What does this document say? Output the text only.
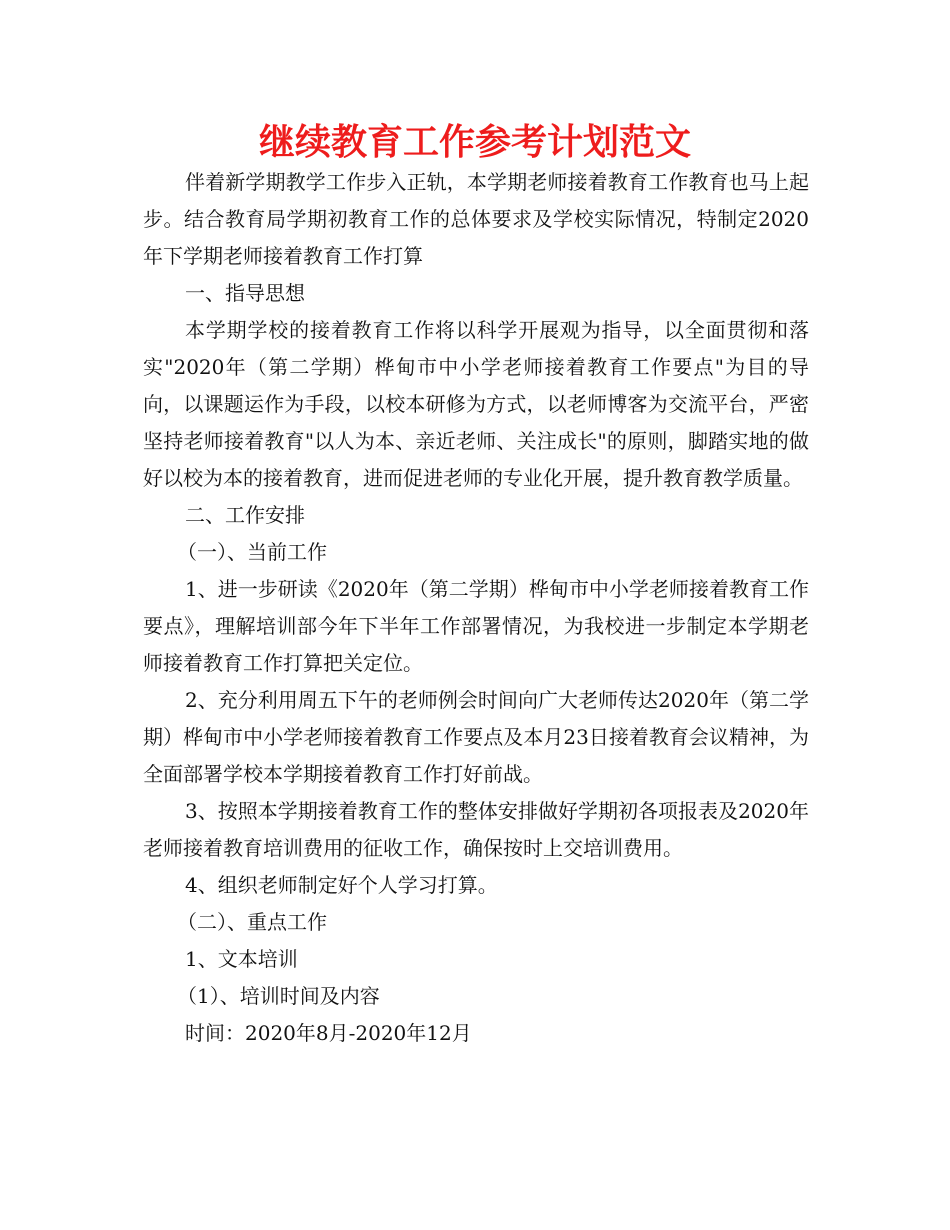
继续教育工作参考计划范文

伴着新学期教学工作步入正轨，本学期老师接着教育工作教育也马上起步。结合教育局学期初教育工作的总体要求及学校实际情况，特制定2020年下学期老师接着教育工作打算

一、指导思想

本学期学校的接着教育工作将以科学开展观为指导，以全面贯彻和落实"2020年（第二学期）桦甸市中小学老师接着教育工作要点"为目的导向，以课题运作为手段，以校本研修为方式，以老师博客为交流平台，严密坚持老师接着教育"以人为本、亲近老师、关注成长"的原则，脚踏实地的做好以校为本的接着教育，进而促进老师的专业化开展，提升教育教学质量。

二、工作安排

（一）、当前工作

1、进一步研读《2020年（第二学期）桦甸市中小学老师接着教育工作要点》，理解培训部今年下半年工作部署情况，为我校进一步制定本学期老师接着教育工作打算把关定位。

2、充分利用周五下午的老师例会时间向广大老师传达2020年（第二学期）桦甸市中小学老师接着教育工作要点及本月23日接着教育会议精神，为全面部署学校本学期接着教育工作打好前战。

3、按照本学期接着教育工作的整体安排做好学期初各项报表及2020年老师接着教育培训费用的征收工作，确保按时上交培训费用。

4、组织老师制定好个人学习打算。

（二）、重点工作

1、文本培训

（1）、培训时间及内容

时间：2020年8月-2020年12月
